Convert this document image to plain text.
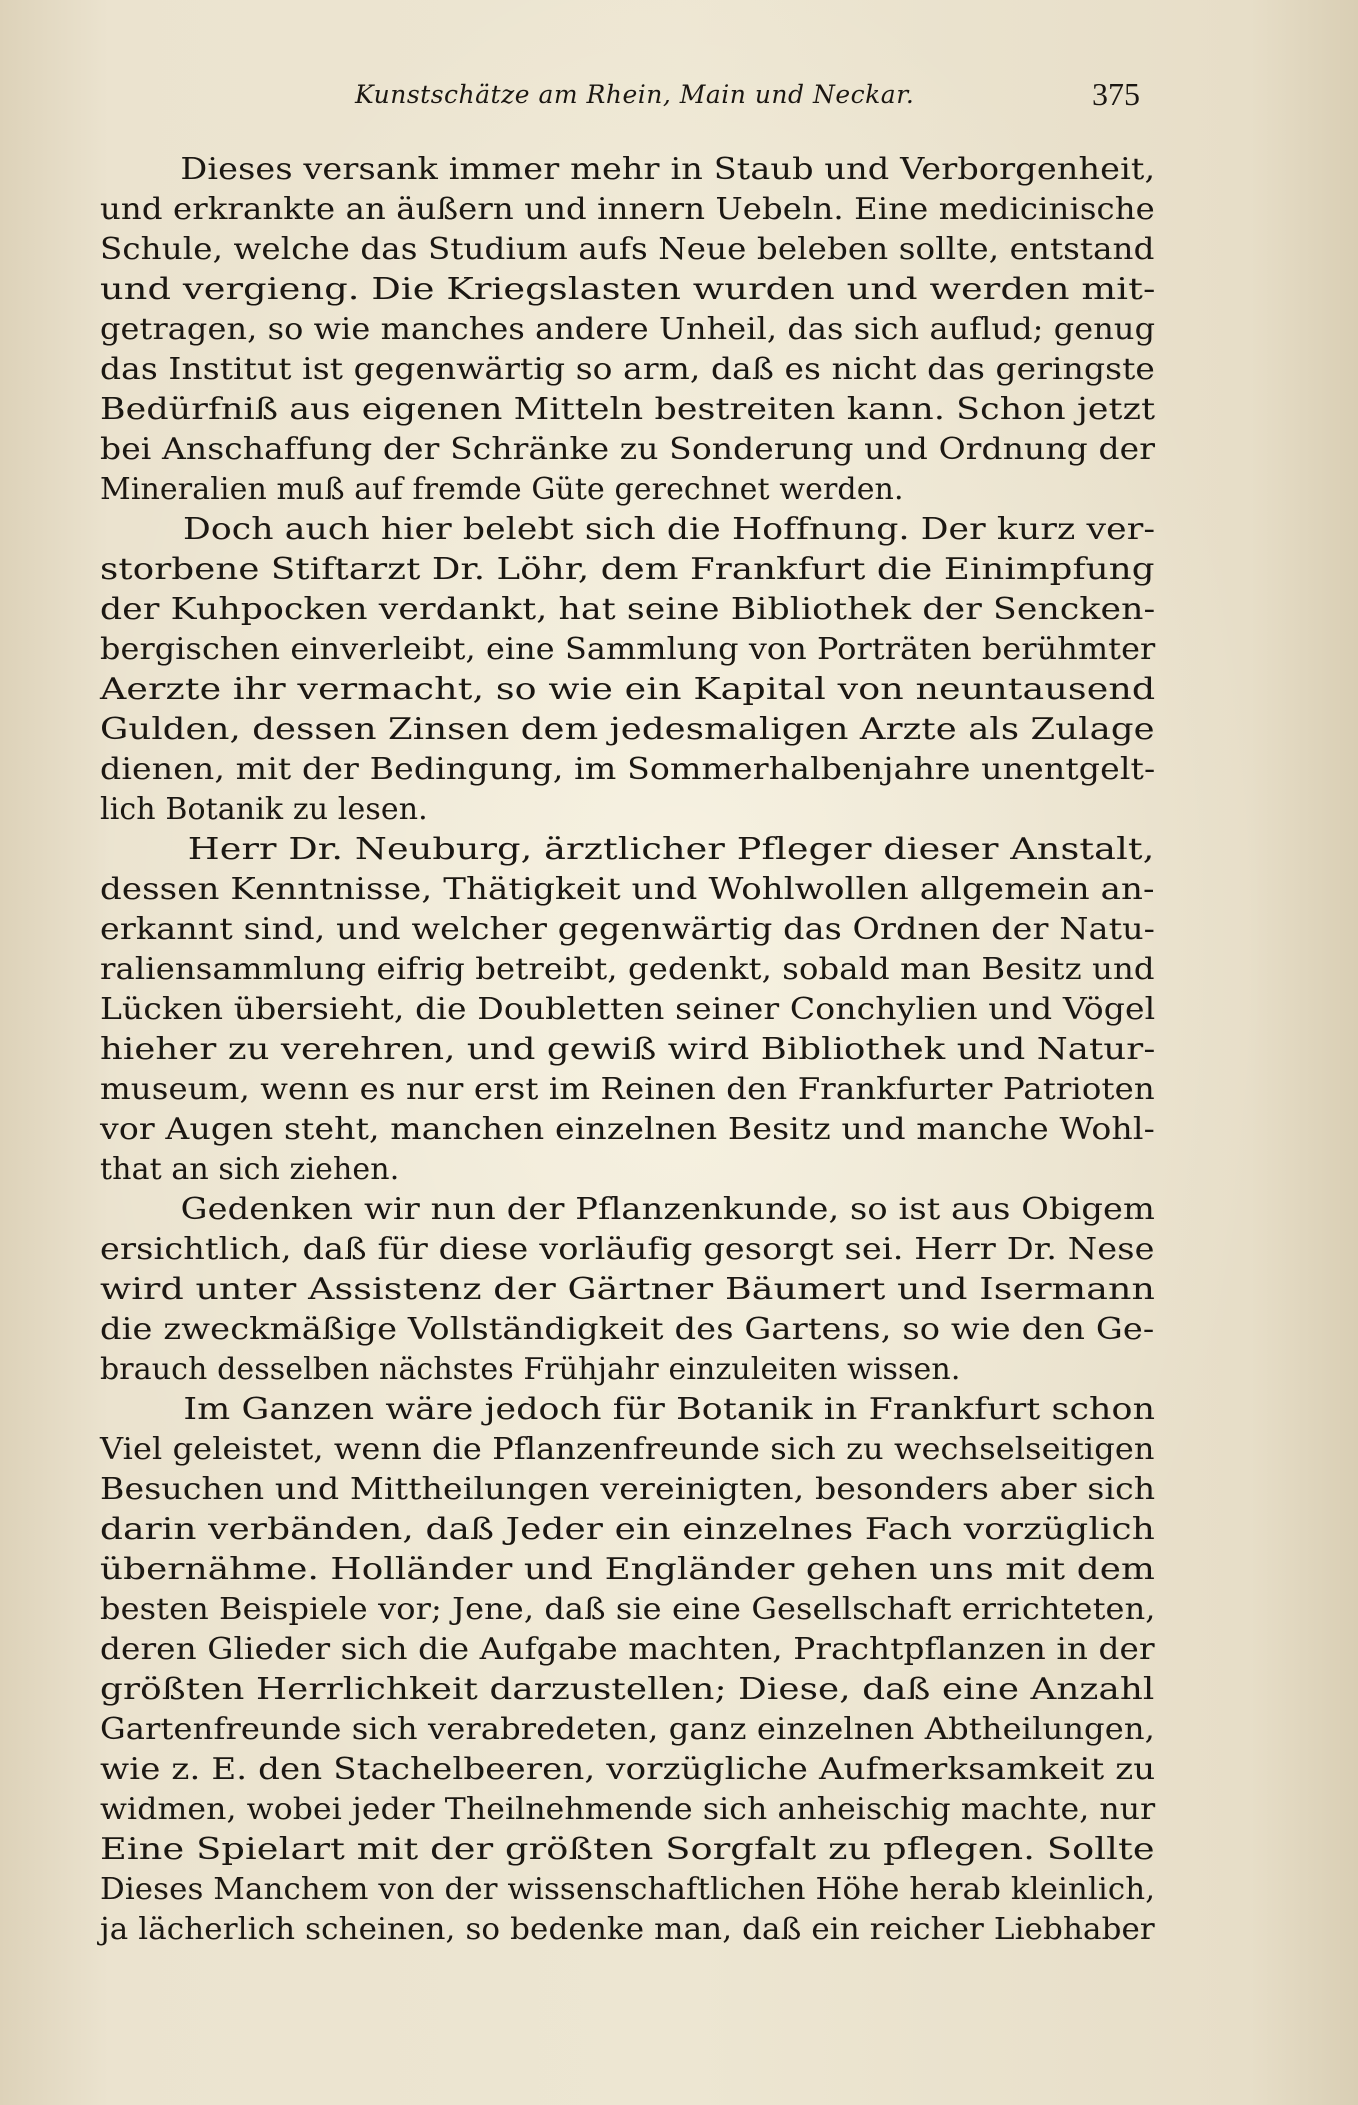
Kunstschätze am Rhein, Main und Neckar.	375
Dieses versank immer mehr in Staub und Verborgenheit,
und erkrankte an äußern und innern Uebeln. Eine medicinische
Schule, welche das Studium aufs Neue beleben sollte, entstand
und vergieng. Die Kriegslasten wurden und werden mit-
getragen, so wie manches andere Unheil, das sich auflud; genug
das Institut ist gegenwärtig so arm, daß es nicht das geringste
Bedürfniß aus eigenen Mitteln bestreiten kann. Schon jetzt
bei Anschaffung der Schränke zu Sonderung und Ordnung der
Mineralien muß auf fremde Güte gerechnet werden.
Doch auch hier belebt sich die Hoffnung. Der kurz ver-
storbene Stiftarzt Dr. Löhr, dem Frankfurt die Einimpfung
der Kuhpocken verdankt, hat seine Bibliothek der Sencken-
bergischen einverleibt, eine Sammlung von Porträten berühmter
Aerzte ihr vermacht, so wie ein Kapital von neuntausend
Gulden, dessen Zinsen dem jedesmaligen Arzte als Zulage
dienen, mit der Bedingung, im Sommerhalbenjahre unentgelt-
lich Botanik zu lesen.
Herr Dr. Neuburg, ärztlicher Pfleger dieser Anstalt,
dessen Kenntnisse, Thätigkeit und Wohlwollen allgemein an-
erkannt sind, und welcher gegenwärtig das Ordnen der Natu-
raliensammlung eifrig betreibt, gedenkt, sobald man Besitz und
Lücken übersieht, die Doubletten seiner Conchylien und Vögel
hieher zu verehren, und gewiß wird Bibliothek und Natur-
museum, wenn es nur erst im Reinen den Frankfurter Patrioten
vor Augen steht, manchen einzelnen Besitz und manche Wohl-
that an sich ziehen.
Gedenken wir nun der Pflanzenkunde, so ist aus Obigem
ersichtlich, daß für diese vorläufig gesorgt sei. Herr Dr. Nese
wird unter Assistenz der Gärtner Bäumert und Isermann
die zweckmäßige Vollständigkeit des Gartens, so wie den Ge-
brauch desselben nächstes Frühjahr einzuleiten wissen.
Im Ganzen wäre jedoch für Botanik in Frankfurt schon
Viel geleistet, wenn die Pflanzenfreunde sich zu wechselseitigen
Besuchen und Mittheilungen vereinigten, besonders aber sich
darin verbänden, daß Jeder ein einzelnes Fach vorzüglich
übernähme. Holländer und Engländer gehen uns mit dem
besten Beispiele vor; Jene, daß sie eine Gesellschaft errichteten,
deren Glieder sich die Aufgabe machten, Prachtpflanzen in der
größten Herrlichkeit darzustellen; Diese, daß eine Anzahl
Gartenfreunde sich verabredeten, ganz einzelnen Abtheilungen,
wie z. E. den Stachelbeeren, vorzügliche Aufmerksamkeit zu
widmen, wobei jeder Theilnehmende sich anheischig machte, nur
Eine Spielart mit der größten Sorgfalt zu pflegen. Sollte
Dieses Manchem von der wissenschaftlichen Höhe herab kleinlich,
ja lächerlich scheinen, so bedenke man, daß ein reicher Liebhaber
